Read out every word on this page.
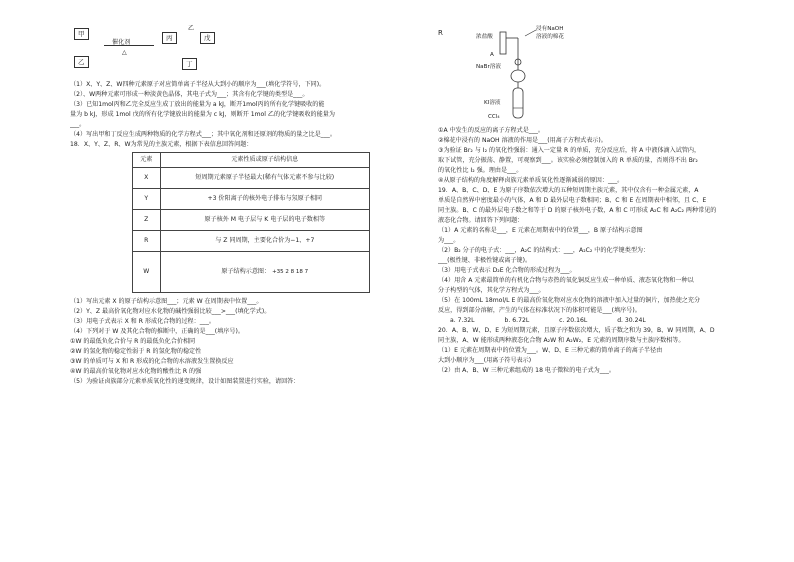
甲
乙
催化剂
△
丙	戊
丁
乙
（1）X、Y、Z、W四种元素原子对应简单离子半径从大到小的顺序为___(填化学符号，下同)。
（2）、W两种元素可形成一种淡黄色晶体，其电子式为___；其含有化学键的类型是___。
（3）已知1mol丙和乙完全反应生成丁放出的能量为 a kJ，断开1mol丙的所有化学键吸收的能
量为 b kJ，形成 1mol 戊的所有化学键放出的能量为 c kJ，则断开 1mol 乙的化学键吸收的能量为
___。
（4）写出甲和丁反应生成两种物质的化学方程式___；其中氧化剂和还原剂的物质的量之比是___。
18．X、Y、Z、R、W为常见的主族元素，根据下表信息回答问题：
元素	元素性质或原子结构信息
X	短周期元素原子半径最大(稀有气体元素不参与比较)
Y	+3 价阳离子的核外电子排布与氖原子相同
Z	原子核外 M 电子层与 K 电子层的电子数相等
R	与 Z 同周期，主要化合价为−1、+7
W	原子结构示意图： +35 2 8 18 7
（1）写出元素 X 的原子结构示意图___；元素 W 在周期表中位置___。
（2）Y、Z 最高价氧化物对应水化物的碱性强弱比较___>___(填化学式)。
（3）用电子式表示 X 和 R 形成化合物的过程：___。
（4）下列对于 W 及其化合物的推断中，正确的是___(填序号)。
①W 的最低负化合价与 R 的最低负化合价相同
②W 的氢化物的稳定性弱于 R 的氢化物的稳定性
③W 的单质可与 X 和 R 形成的化合物的水溶液发生置换反应
④W 的最高价氧化物对应水化物的酸性比 R 的强
（5）为验证卤族部分元素单质氧化性的递变规律，设计如图装置进行实验，请回答：
R	浓盐酸
浸有NaOH
溶液的棉花
A
NaBr溶液
KI溶液
CCl₄
①A 中发生的反应的离子方程式是___。
②棉花中浸有的 NaOH 溶液的作用是___(用离子方程式表示)。
③为验证 Br₂ 与 I₂ 的氧化性强弱：通入一定量 R 的单质，充分反应后，将 A 中液体滴入试管内，
取下试管，充分振荡、静置，可观察到___。该实验必须控制加入的 R 单质的量，否则得不出 Br₂
的氧化性比 I₂ 强。理由是___。
④从原子结构的角度解释卤族元素单质氧化性逐渐减弱的原因：___。
19．A、B、C、D、E 为原子序数依次增大的五种短周期主族元素，其中仅含有一种金属元素，A
单质是自然界中密度最小的气体，A 和 D 最外层电子数相同；B、C 和 E 在周期表中相邻，且 C、E
同主族。B、C 的最外层电子数之和等于 D 的原子核外电子数，A 和 C 可形成 A₂C 和 A₂C₂ 两种常见的
液态化合物。请回答下列问题：
（1）A 元素的名称是___，E 元素在周期表中的位置___，B 原子结构示意图
为___。
（2）B₂ 分子的电子式：___，A₂C 的结构式：___，A₂C₂ 中的化学键类型为：
___(极性键、非极性键或离子键)。
（3）用电子式表示 D₂E 化合物的形成过程为___。
（4）用含 A 元素最简单的有机化合物与赤热的氧化铜反应生成一种单质、液态氧化物和一种以
分子构型的气体，其化学方程式为___。
（5）在 100mL 18mol/L E 的最高价氧化物对应水化物的溶液中加入过量的铜片，加热使之充分
反应，得到部分溶解，产生的气体在标准状况下的体积可能是___(填序号)。
a. 7.32L	b. 6.72L	c. 20.16L	d. 30.24L
20．A、B、W、D、E 为短周期元素，且原子序数依次增大，质子数之和为 39，B、W 同周期，A、D
同主族，A、W 能形成两种液态化合物 A₂W 和 A₂W₂，E 元素的周期序数与主族序数相等。
（1）E 元素在周期表中的位置为___。W、D、E 三种元素的简单离子的离子半径由
大到小顺序为___(用离子符号表示)
（2）由 A、B、W 三种元素组成的 18 电子微粒的电子式为___。
